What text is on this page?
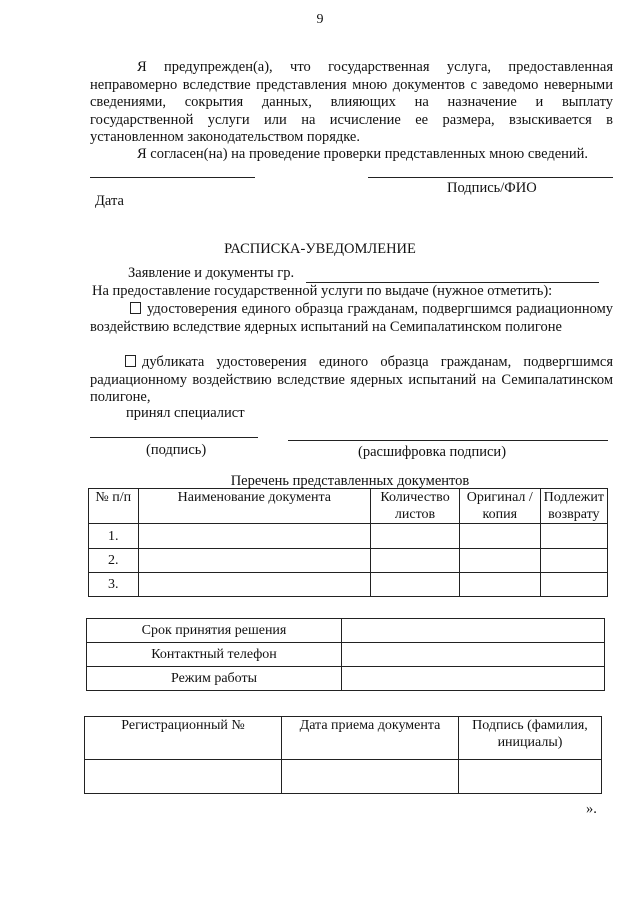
9
Я предупрежден(а), что государственная услуга, предоставленная неправомерно вследствие представления мною документов с заведомо неверными сведениями, сокрытия данных, влияющих на назначение и выплату государственной услуги или на исчисление ее размера, взыскивается в установленном законодательством порядке.
Я согласен(на) на проведение проверки представленных мною сведений.
Подпись/ФИО
Дата
РАСПИСКА-УВЕДОМЛЕНИЕ
Заявление и документы гр.
На предоставление государственной услуги по выдаче (нужное отметить):
удостоверения единого образца гражданам, подвергшимся радиационному воздействию вследствие ядерных испытаний на Семипалатинском полигоне
дубликата удостоверения единого образца гражданам, подвергшимся радиационному воздействию вследствие ядерных испытаний на Семипалатинском полигоне,
принял специалист
(подпись)	(расшифровка подписи)
Перечень представленных документов
№ п/п	Наименование документа	Количество листов	Оригинал /копия	Подлежит возврату
1.				
2.				
3.				
Срок принятия решения	
Контактный телефон	
Режим работы	
Регистрационный №	Дата приема документа	Подпись (фамилия, инициалы)

».
